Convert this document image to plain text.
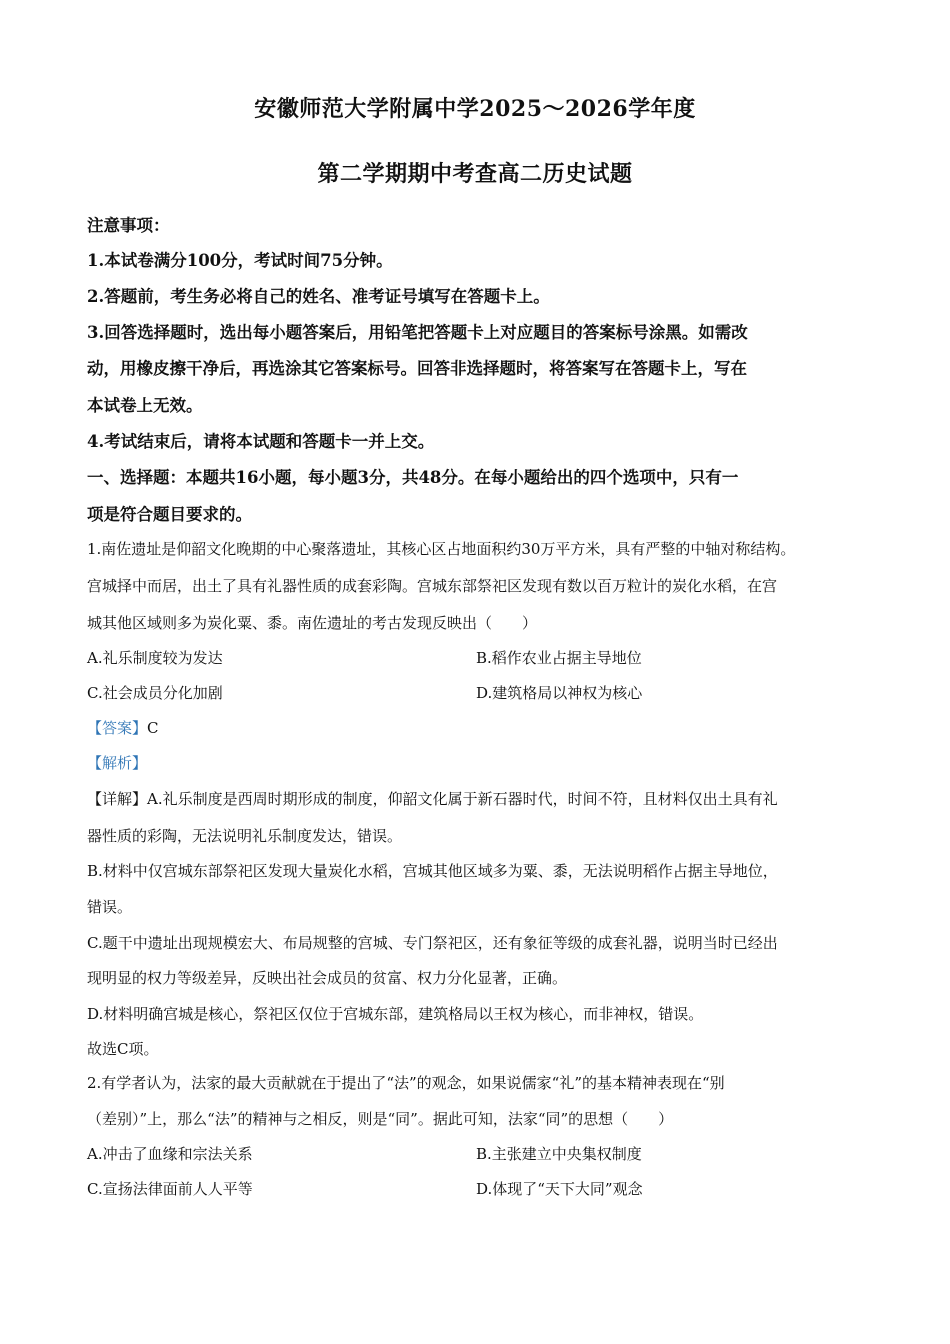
安徽师范大学附属中学2025～2026学年度
第二学期期中考查高二历史试题
注意事项：
1.本试卷满分100分，考试时间75分钟。
2.答题前，考生务必将自己的姓名、准考证号填写在答题卡上。
3.回答选择题时，选出每小题答案后，用铅笔把答题卡上对应题目的答案标号涂黑。如需改
动，用橡皮擦干净后，再选涂其它答案标号。回答非选择题时，将答案写在答题卡上，写在
本试卷上无效。
4.考试结束后，请将本试题和答题卡一并上交。
一、选择题：本题共16小题，每小题3分，共48分。在每小题给出的四个选项中，只有一
项是符合题目要求的。
1.南佐遗址是仰韶文化晚期的中心聚落遗址，其核心区占地面积约30万平方米，具有严整的中轴对称结构。
宫城择中而居，出土了具有礼器性质的成套彩陶。宫城东部祭祀区发现有数以百万粒计的炭化水稻，在宫
城其他区域则多为炭化粟、黍。南佐遗址的考古发现反映出（　　）
A.礼乐制度较为发达	B.稻作农业占据主导地位
C.社会成员分化加剧	D.建筑格局以神权为核心
【答案】C
【解析】
【详解】A.礼乐制度是西周时期形成的制度，仰韶文化属于新石器时代，时间不符，且材料仅出土具有礼
器性质的彩陶，无法说明礼乐制度发达，错误。
B.材料中仅宫城东部祭祀区发现大量炭化水稻，宫城其他区域多为粟、黍，无法说明稻作占据主导地位，
错误。
C.题干中遗址出现规模宏大、布局规整的宫城、专门祭祀区，还有象征等级的成套礼器，说明当时已经出
现明显的权力等级差异，反映出社会成员的贫富、权力分化显著，正确。
D.材料明确宫城是核心，祭祀区仅位于宫城东部，建筑格局以王权为核心，而非神权，错误。
故选C项。
2.有学者认为，法家的最大贡献就在于提出了“法”的观念，如果说儒家“礼”的基本精神表现在“别
（差别）”上，那么“法”的精神与之相反，则是“同”。据此可知，法家“同”的思想（　　）
A.冲击了血缘和宗法关系	B.主张建立中央集权制度
C.宣扬法律面前人人平等	D.体现了“天下大同”观念
